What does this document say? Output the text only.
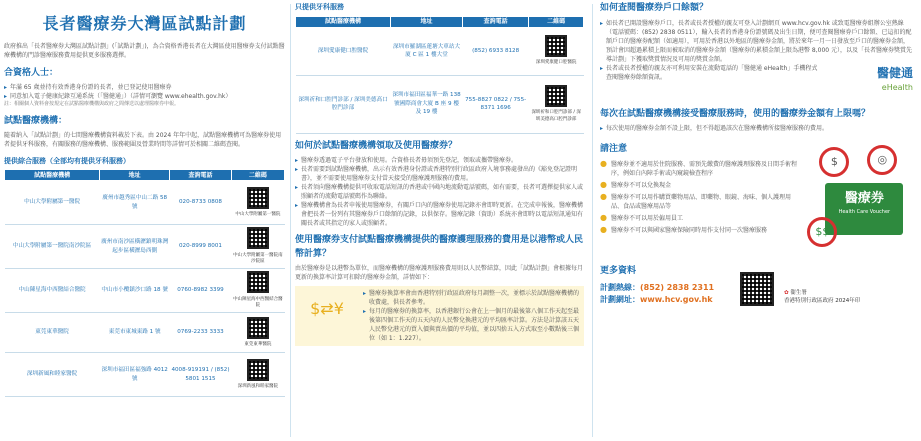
長者醫療券大灣區試點計劃
政府推出「長者醫療券大灣區試點計劃」(「試點計劃」)，為合資格香港長者在大灣區使用醫療券支付試點醫療機構的門診醫療服務費用提供更多服務選擇。
合資格人士：
▸ 年滿 65 歲並持有效香港身份證的長者，並已登記使用醫療券
▸ 同意加入電子健康紀錄互通系統（「醫健通」）（詳情可瀏覽 www.ehealth.gov.hk）
註：相關個人資料會按規定在試點醫療機構與政府之間傳送以處理醫療券申報。
試點醫療機構：
隨着納入「試點計劃」的七間醫療機構資料載於下表。由 2024 年年中起，試點醫療機構可為醫療券使用者提供牙科服務，有關服務的醫療機構、服務範圍及營業時間等詳情可於相關二維碼查閱。
提供綜合服務（全部均有提供牙科服務）
試點醫療機構	地址	查詢電話	二維碼
中山大學附屬第一醫院	廣州市越秀區中山二路 58 號	020-8733 0808	中山大學附屬第一醫院

中山大學附屬第一醫院南沙院區	廣州市南沙區橫瀝鎮明珠灣起步區橫瀝島西側	020-8999 8001	中山大學附屬第一醫院南沙院區

中山陳星海中西醫結合醫院	中山市小欖鎮沙口路 18 號	0760-8982 3399	中山陳星海中西醫結合醫院

東莞東華醫院	東莞市東城東路 1 號	0769-2233 3333	東莞東華醫院

深圳新風和睦家醫院	深圳市福田區福強路 4012 號	4008-919191 / (852) 5801 1515	深圳新風和睦家醫院
只提供牙科服務
試點醫療機構	地址	查詢電話	二維碼
深圳愛康健口腔醫院	深圳市羅湖區蓮塘大車站大廈 C 區 1 樓大堂	(852) 6933 8128	深圳愛康健口腔醫院

深圳祈和口腔門診部 / 深圳美德高口腔門診部	深圳市福田區福華一路 138 號國際商會大廈 B 座 9 樓及 19 樓	755-8827 0822 / 755-8371 1696	深圳祈和口腔門診部 / 深圳美德高口腔門診部
如何於試點醫療機構領取及使用醫療券？
▸ 醫療券透過電子平台發放和使用。合資格長者毋須預先登記，領取或攜帶醫療券。
▸ 長者需要到試點醫療機構，出示有效香港身份證或香港特別行政區政府入境事務處發出的《豁免登記證明書》，並不需要使用醫療券支付當天接受的醫療護理服務的費用。
▸ 長者須向醫療機構提供可收取電話短訊的香港或中國內地流動電話號碼，如有需要，長者可選擇提供家人或照顧者的流動電話號碼作為聯絡。
▸ 醫療機構會為長者申報使用醫療券，有關戶口內的醫療券使用記錄亦會即時更新。在完成申報後，醫療機構會把長者一份列有其醫療券戶口餘額的記錄，以供保存。醫療記錄（資助）系統亦會即時以電話短訊通知有關長者或其指定的家人或照顧者。
使用醫療券支付試點醫療機構提供的醫療護理服務的費用是以港幣或人民幣計算？
由於醫療券是以港幣為單位，而醫療機構的醫療護理服務費用則以人民幣結算，因此「試點計劃」會根據每月更新的換算率計算可扣除的醫療券金額，詳情如下：
$⇄¥
▸ 醫療券換算率會由香港特別行政區政府每月調整一次，並標示於試點醫療機構的收費處，供長者參考。
▸ 每月的醫療券的換算率，以香港銀行公會在上一個月的最後第八個工作天起至最後第四個工作天的五天內的人民幣兌換港元的平均匯率計算。方法是計算該五天人民幣兌港元的買入價與賣出價的平均值，並以四捨五入方式取至小數點後三個位（如 1：1.227）。
如何查閱醫療券戶口餘額？
▸ 如長者已開設醫療券戶口，長者或長者授權的親友可登入計劃網頁 www.hcv.gov.hk 或致電醫療券組辦公室熱線（電話號碼：(852) 2838 0511），輸入長者的香港身份證號碼及出生日期，便可查閱醫療券戶口餘額、已這扣的配額戶口的醫療券配額（如適用），可用於香港以外地區的醫療券金額，將於來年一月一日發放至戶口的醫療券金額，預計會因超過累積上限而被取消的醫療券金額（醫療券的累積金額上限為港幣 8,000 元），以及「長者醫療券獎賞先導計劃」下獲取獎賞情況及可用的獎賞金額。
▸ 長者或長者授權的親友亦可利用安裝在流動電話的「醫健通 eHealth」手機程式查閱醫療券餘額資訊。	醫健通
eHealth
每次在試點醫療機構接受醫療服務時，使用的醫療券金額有上限嗎？
▸ 每次使用的醫療券金額不設上限，但不得超過該次在醫療機構所接醫療服務的費用。
請注意
● 醫療券並不適用於住院服務、需預先繳費的醫療護理服務及日間手術程序，例如白內障手術或內窺鏡檢查程序
● 醫療券不可以兌換現金
● 醫療券不可以用作購買藥物用品、即藥物、眼鏡、海味、個人護理用品、食品或醫療用品等
● 醫療券不可以用於僱用員工
● 醫療券不可以與國家醫療保險同時用作支付同一次醫療服務
$	◎
醫療券
Health Care Voucher
$$
更多資料
計劃熱線：(852) 2838 2311
計劃網址：www.hcv.gov.hk
✿ 衞生署
香港特別行政區政府 2024年印
